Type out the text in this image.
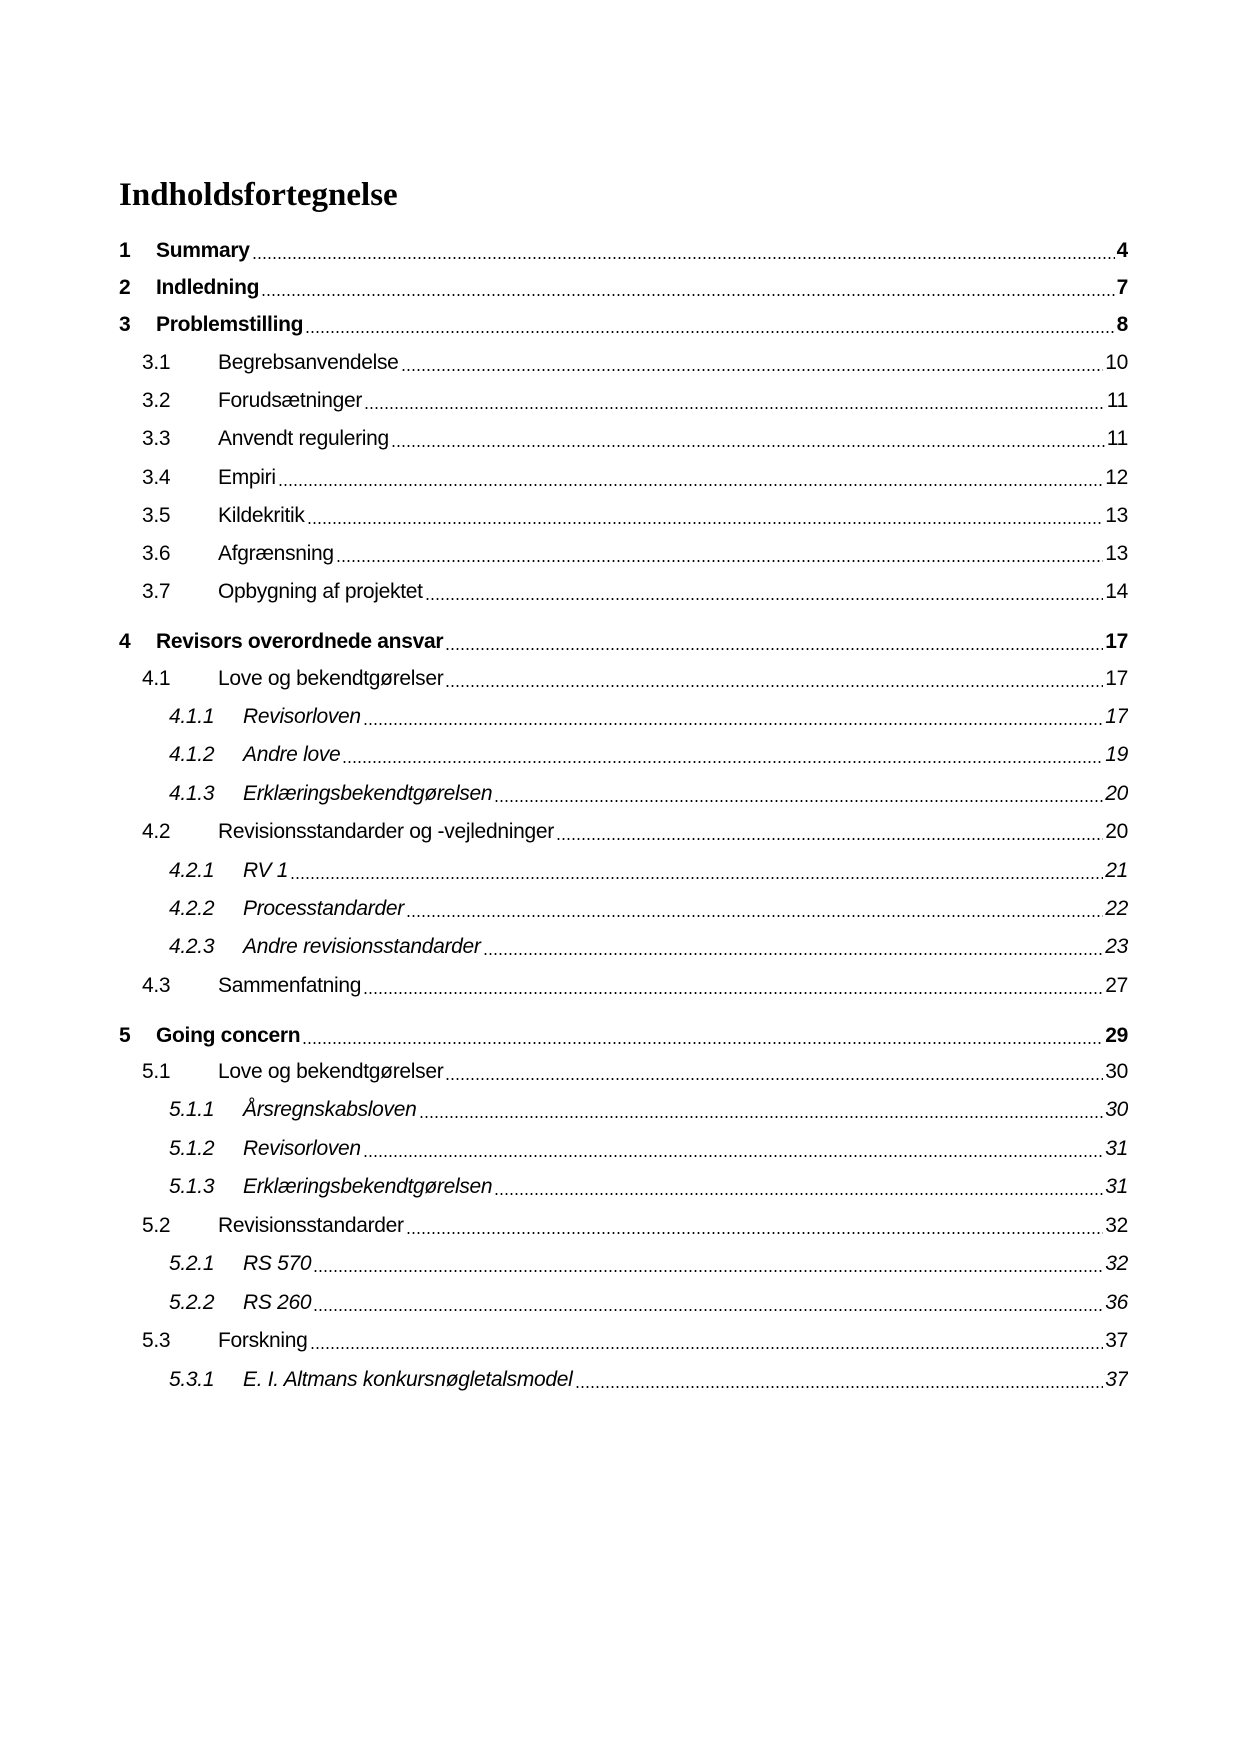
Indholdsfortegnelse
1	Summary	4
2	Indledning	7
3	Problemstilling	8
3.1	Begrebsanvendelse	10
3.2	Forudsætninger	11
3.3	Anvendt regulering	11
3.4	Empiri	12
3.5	Kildekritik	13
3.6	Afgrænsning	13
3.7	Opbygning af projektet	14
4	Revisors overordnede ansvar	17
4.1	Love og bekendtgørelser	17
4.1.1	Revisorloven	17
4.1.2	Andre love	19
4.1.3	Erklæringsbekendtgørelsen	20
4.2	Revisionsstandarder og -vejledninger	20
4.2.1	RV 1	21
4.2.2	Processtandarder	22
4.2.3	Andre revisionsstandarder	23
4.3	Sammenfatning	27
5	Going concern	29
5.1	Love og bekendtgørelser	30
5.1.1	Årsregnskabsloven	30
5.1.2	Revisorloven	31
5.1.3	Erklæringsbekendtgørelsen	31
5.2	Revisionsstandarder	32
5.2.1	RS 570	32
5.2.2	RS 260	36
5.3	Forskning	37
5.3.1	E. I. Altmans konkursnøgletalsmodel	37
